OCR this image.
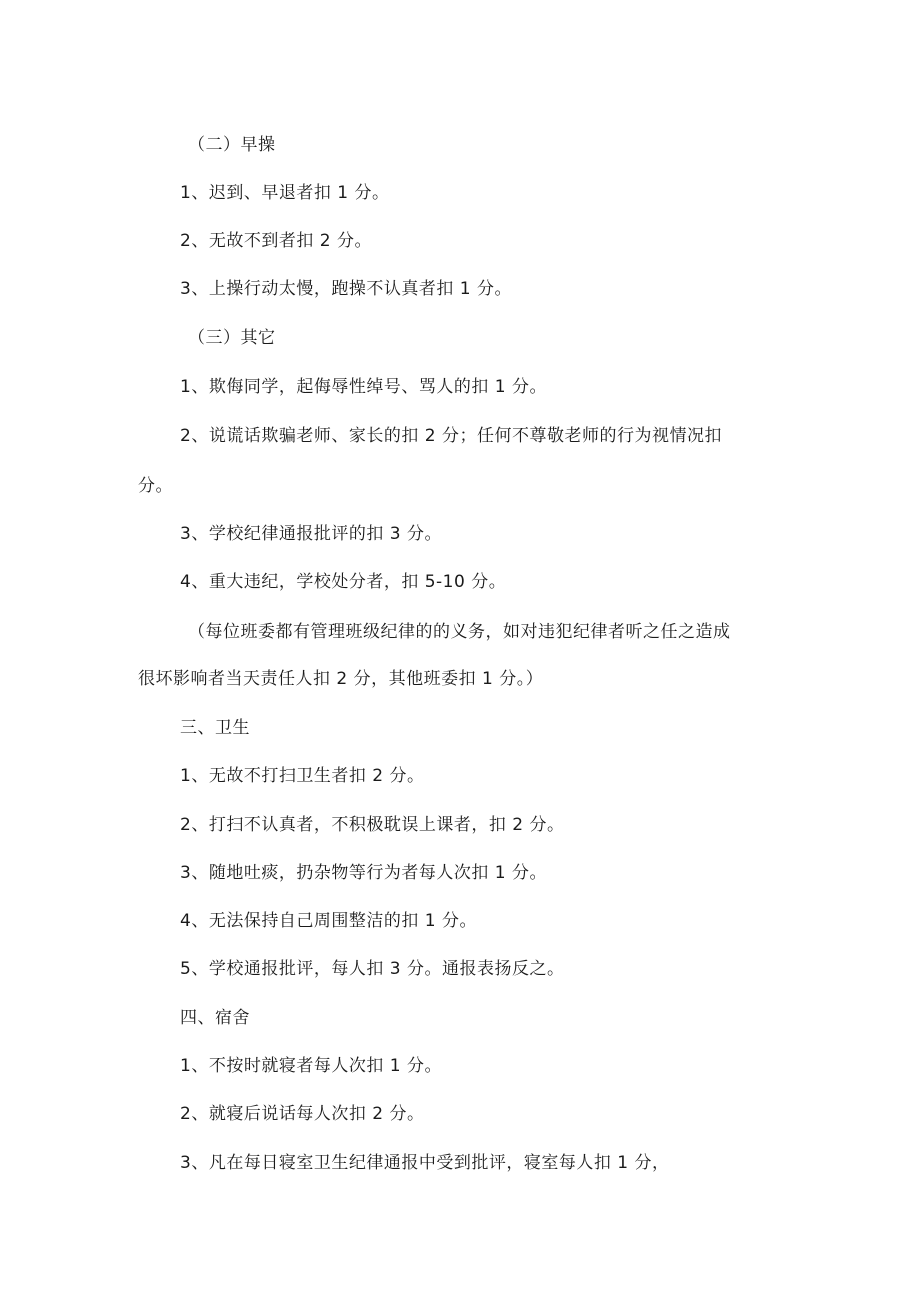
（二）早操
1、迟到、早退者扣 1 分。
2、无故不到者扣 2 分。
3、上操行动太慢，跑操不认真者扣 1 分。
（三）其它
1、欺侮同学，起侮辱性绰号、骂人的扣 1 分。
2、说谎话欺骗老师、家长的扣 2 分；任何不尊敬老师的行为视情况扣
分。
3、学校纪律通报批评的扣 3 分。
4、重大违纪，学校处分者，扣 5-10 分。
（每位班委都有管理班级纪律的的义务，如对违犯纪律者听之任之造成
很坏影响者当天责任人扣 2 分，其他班委扣 1 分。）
三、卫生
1、无故不打扫卫生者扣 2 分。
2、打扫不认真者，不积极耽误上课者，扣 2 分。
3、随地吐痰，扔杂物等行为者每人次扣 1 分。
4、无法保持自己周围整洁的扣 1 分。
5、学校通报批评，每人扣 3 分。通报表扬反之。
四、宿舍
1、不按时就寝者每人次扣 1 分。
2、就寝后说话每人次扣 2 分。
3、凡在每日寝室卫生纪律通报中受到批评，寝室每人扣 1 分，
